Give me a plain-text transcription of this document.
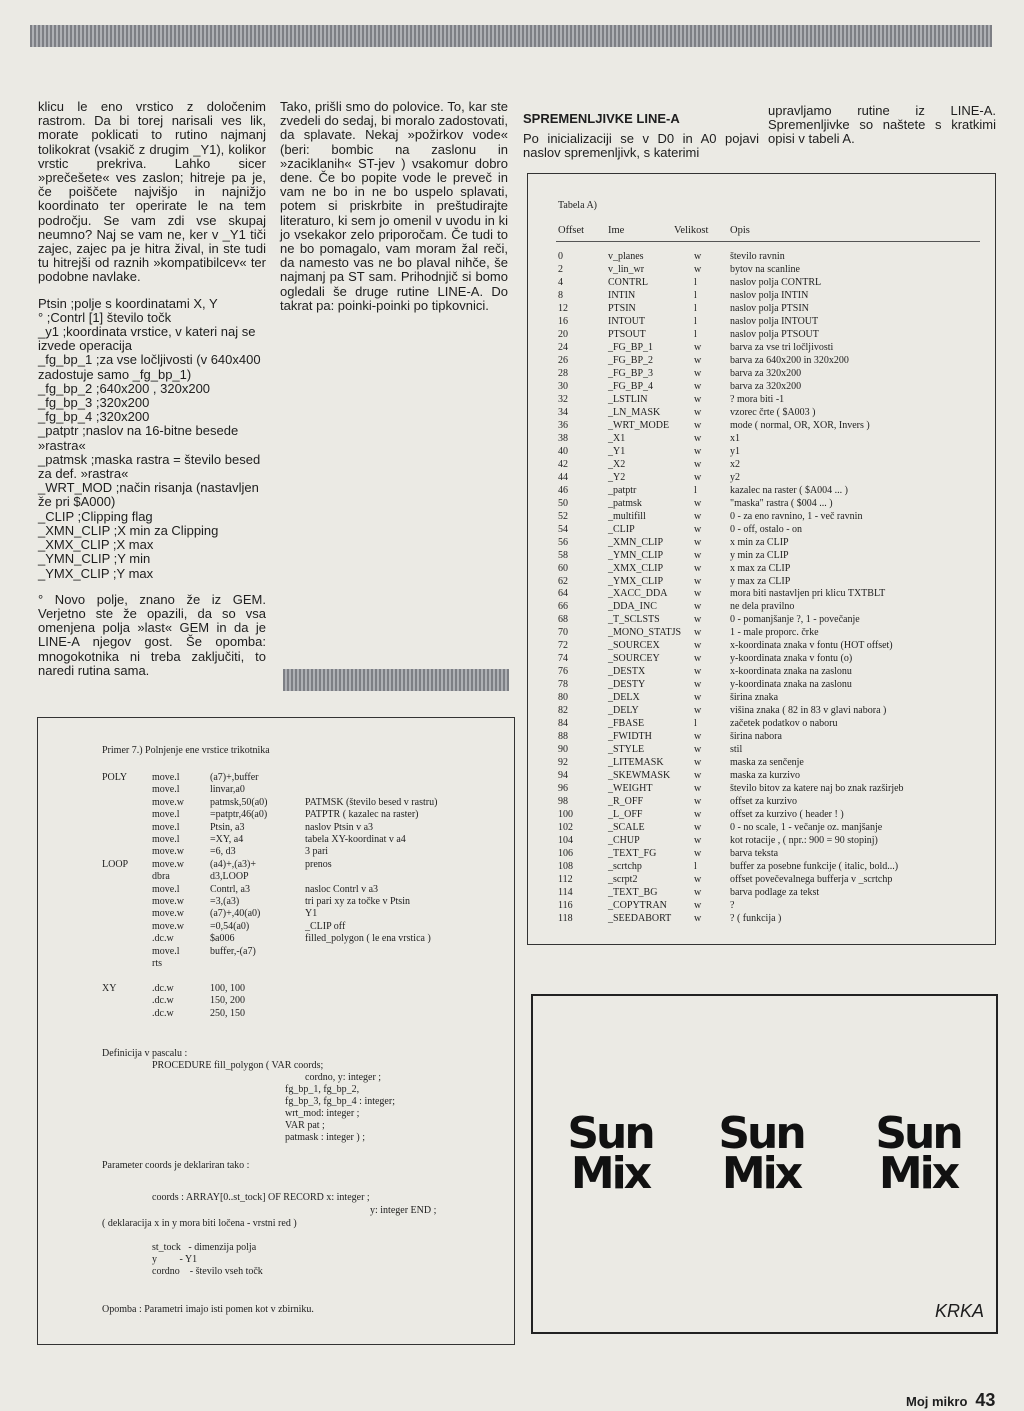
klicu le eno vrstico z določenim rastrom. Da bi torej narisali ves lik, morate poklicati to rutino najmanj tolikokrat (vsakič z drugim _Y1), kolikor vrstic prekriva. Lahko sicer »prečešete« ves zaslon; hitreje pa je, če poiščete najvišjo in najnižjo koordinato ter operirate le na tem področju. Se vam zdi vse skupaj neumno? Naj se vam ne, ker v _Y1 tiči zajec, zajec pa je hitra žival, in ste tudi tu hitrejši od raznih »kompatibilcev« ter podobne navlake.

Ptsin ;polje s koordinatami X, Y
° ;Contrl [1] število točk
_y1 ;koordinata vrstice, v kateri naj se izvede operacija
_fg_bp_1 ;za vse ločljivosti (v 640x400 zadostuje samo _fg_bp_1)
_fg_bp_2 ;640x200 , 320x200
_fg_bp_3 ;320x200
_fg_bp_4 ;320x200
_patptr ;naslov na 16-bitne besede »rastra«
_patmsk ;maska rastra = število besed za def. »rastra«
_WRT_MOD ;način risanja (nastavljen že pri $A000)
_CLIP ;Clipping flag
_XMN_CLIP ;X min za Clipping
_XMX_CLIP ;X max
_YMN_CLIP ;Y min
_YMX_CLIP ;Y max

° Novo polje, znano že iz GEM. Verjetno ste že opazili, da so vsa omenjena polja »last« GEM in da je LINE-A njegov gost. Še opomba: mnogokotnika ni treba zaključiti, to naredi rutina sama.

Tako, prišli smo do polovice. To, kar ste zvedeli do sedaj, bi moralo zadostovati, da splavate. Nekaj »požirkov vode« (beri: bombic na zaslonu in »zaciklanih« ST-jev ) vsakomur dobro dene. Če bo popite vode le preveč in vam ne bo in ne bo uspelo splavati, potem si priskrbite in preštudirajte literaturo, ki sem jo omenil v uvodu in ki jo vsekakor zelo priporočam. Če tudi to ne bo pomagalo, vam moram žal reči, da namesto vas ne bo plaval nihče, še najmanj pa ST sam. Prihodnjič si bomo ogledali še druge rutine LINE-A. Do takrat pa: poinki-poinki po tipkovnici.

SPREMENLJIVKE LINE-A

Po inicializaciji se v D0 in A0 pojavi naslov spremenljivk, s katerimi

upravljamo rutine iz LINE-A. Spremenljivke so naštete s kratkimi opisi v tabeli A.

Tabela A)
Offset Ime	Velikost Opis
0	v_planes	w	število ravnin
2	v_lin_wr	w	bytov na scanline
4	CONTRL	l	naslov polja CONTRL
8	INTIN	l	naslov polja INTIN
12	PTSIN	l	naslov polja PTSIN
16	INTOUT	l	naslov polja INTOUT
20	PTSOUT	l	naslov polja PTSOUT
24	_FG_BP_1	w	barva za vse tri ločljivosti
26	_FG_BP_2	w	barva za 640x200 in 320x200
28	_FG_BP_3	w	barva za 320x200
30	_FG_BP_4	w	barva za 320x200
32	_LSTLIN	w	? mora biti -1
34	_LN_MASK	w	vzorec črte ( $A003 )
36	_WRT_MODE w	mode ( normal, OR, XOR, Invers )
38	_X1	w	x1
40	_Y1	w	y1
42	_X2	w	x2
44	_Y2	w	y2
46	_patptr	l	kazalec na raster ( $A004 ... )
50	_patmsk	w	"maska" rastra ( $004 ... )
52	_multifill	w	0 - za eno ravnino, 1 - več ravnin
54	_CLIP	w	0 - off, ostalo - on
56	_XMN_CLIP	w	x min za CLIP
58	_YMN_CLIP	w	y min za CLIP
60	_XMX_CLIP	w	x max za CLIP
62	_YMX_CLIP	w	y max za CLIP
64	_XACC_DDA	w	mora biti nastavljen pri klicu TXTBLT
66	_DDA_INC	w	ne dela pravilno
68	_T_SCLSTS	w	0 - pomanjšanje ?, 1 - povečanje
70	_MONO_STATJS w	1 - male proporc. črke
72	_SOURCEX	w	x-koordinata znaka v fontu (HOT offset)
74	_SOURCEY	w	y-koordinata znaka v fontu (o)
76	_DESTX	w	x-koordinata znaka na zaslonu
78	_DESTY	w	y-koordinata znaka na zaslonu
80	_DELX	w	širina znaka
82	_DELY	w	višina znaka ( 82 in 83 v glavi nabora )
84	_FBASE	l	začetek podatkov o naboru
88	_FWIDTH	w	širina nabora
90	_STYLE	w	stil
92	_LITEMASK	w	maska za senčenje
94	_SKEWMASK w	maska za kurzivo
96	_WEIGHT	w	število bitov za katere naj bo znak razširjeb
98	_R_OFF	w	offset za kurzivo
100	_L_OFF	w	offset za kurzivo ( header ! )
102	_SCALE	w	0 - no scale, 1 - večanje oz. manjšanje
104	_CHUP	w	kot rotacije , ( npr.: 900 = 90 stopinj)
106	_TEXT_FG	w	barva teksta
108	_scrtchp	l	buffer za posebne funkcije ( italic, bold...)
112	_scrpt2	w	offset povečevalnega bufferja v _scrtchp
114	_TEXT_BG	w	barva podlage za tekst
116	_COPYTRAN	w	?
118	_SEEDABORT w	? ( funkcija )
Primer 7.) Polnjenje ene vrstice trikotnika
POLY move.l	(a7)+,buffer
move.l	linvar,a0
move.w	patmsk,50(a0)	PATMSK (število besed v rastru)
move.l	=patptr,46(a0)	PATPTR ( kazalec na raster)
move.l	Ptsin, a3	naslov Ptsin v a3
move.l	=XY, a4	tabela XY-koordinat v a4
move.w	=6, d3	3 pari
LOOP move.w	(a4)+,(a3)+	prenos
dbra	d3,LOOP
move.l	Contrl, a3	nasloc Contrl v a3
move.w	=3,(a3)	tri pari xy za točke v Ptsin
move.w	(a7)+,40(a0)	Y1
move.w	=0,54(a0)	_CLIP off
.dc.w	$a006	filled_polygon ( le ena vrstica )
move.l	buffer,-(a7)
rts
XY	.dc.w	100, 100
.dc.w	150, 200
.dc.w	250, 150
Definicija v pascalu :
PROCEDURE fill_polygon ( VAR coords;
cordno, y: integer ;
fg_bp_1, fg_bp_2,
fg_bp_3, fg_bp_4 : integer;
wrt_mod: integer ;
VAR pat ;
patmask : integer ) ;
Parameter coords je deklariran tako :
coords : ARRAY[0..st_tock] OF RECORD x: integer ;
y: integer END ;
( deklaracija x in y mora biti ločena - vrstni red )
st_tock   - dimenzija polja
y         - Y1
cordno    - število vseh točk
Opomba : Parametri imajo isti pomen kot v zbirniku.
Sun
Mix
Sun
Mix
Sun
Mix
KRKA
Moj mikro 43
